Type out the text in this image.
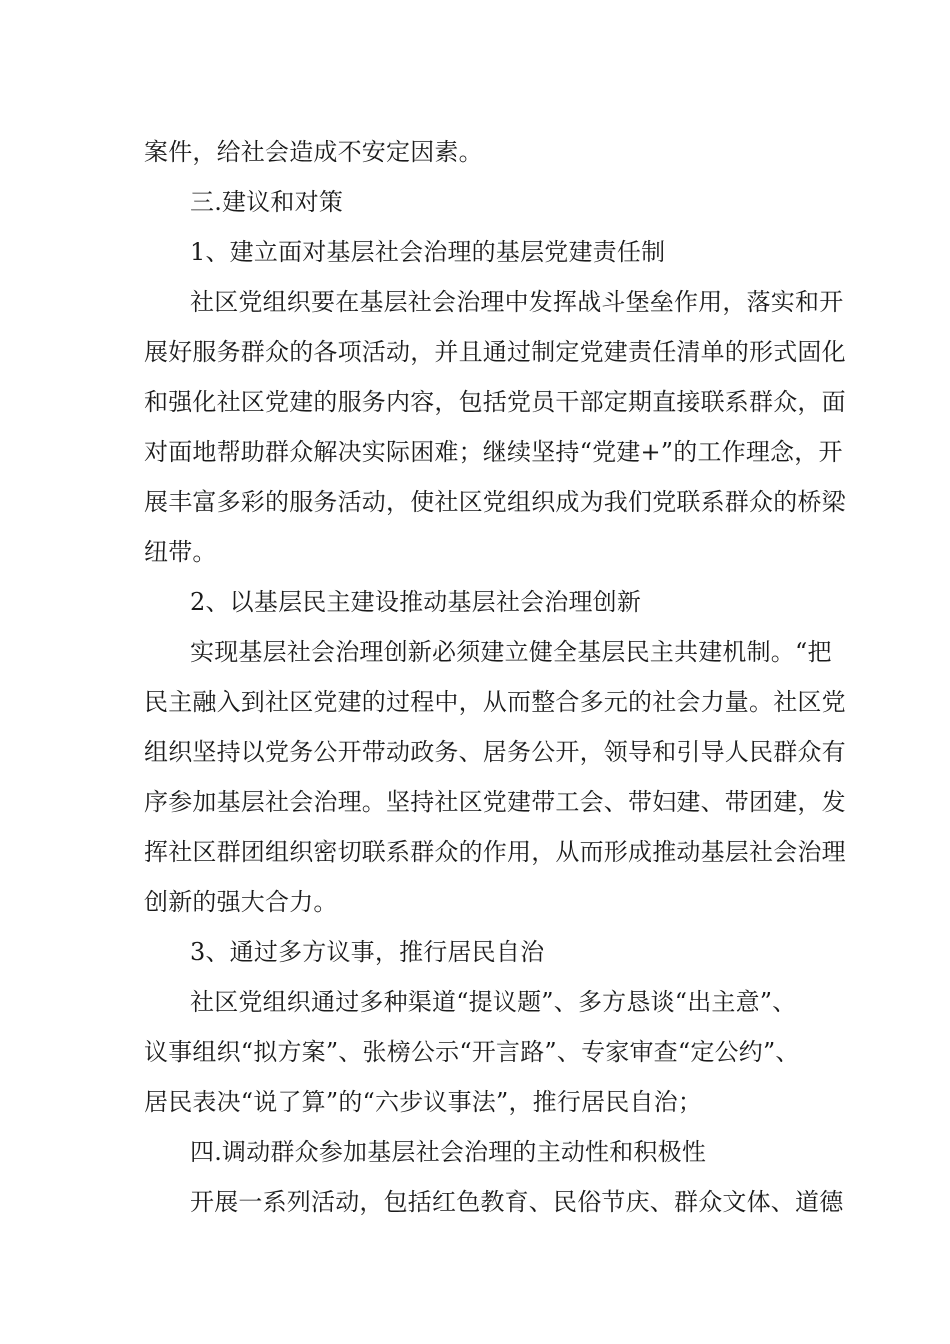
案件，给社会造成不安定因素。
三.建议和对策
1、建立面对基层社会治理的基层党建责任制
社区党组织要在基层社会治理中发挥战斗堡垒作用，落实和开
展好服务群众的各项活动，并且通过制定党建责任清单的形式固化
和强化社区党建的服务内容，包括党员干部定期直接联系群众，面
对面地帮助群众解决实际困难；继续坚持“党建+”的工作理念，开
展丰富多彩的服务活动，使社区党组织成为我们党联系群众的桥梁
纽带。
2、以基层民主建设推动基层社会治理创新
实现基层社会治理创新必须建立健全基层民主共建机制。“把
民主融入到社区党建的过程中，从而整合多元的社会力量。社区党
组织坚持以党务公开带动政务、居务公开，领导和引导人民群众有
序参加基层社会治理。坚持社区党建带工会、带妇建、带团建，发
挥社区群团组织密切联系群众的作用，从而形成推动基层社会治理
创新的强大合力。
3、通过多方议事，推行居民自治
社区党组织通过多种渠道“提议题”、多方恳谈“出主意”、
议事组织“拟方案”、张榜公示“开言路”、专家审查“定公约”、
居民表决“说了算”的“六步议事法”，推行居民自治；
四.调动群众参加基层社会治理的主动性和积极性
开展一系列活动，包括红色教育、民俗节庆、群众文体、道德
